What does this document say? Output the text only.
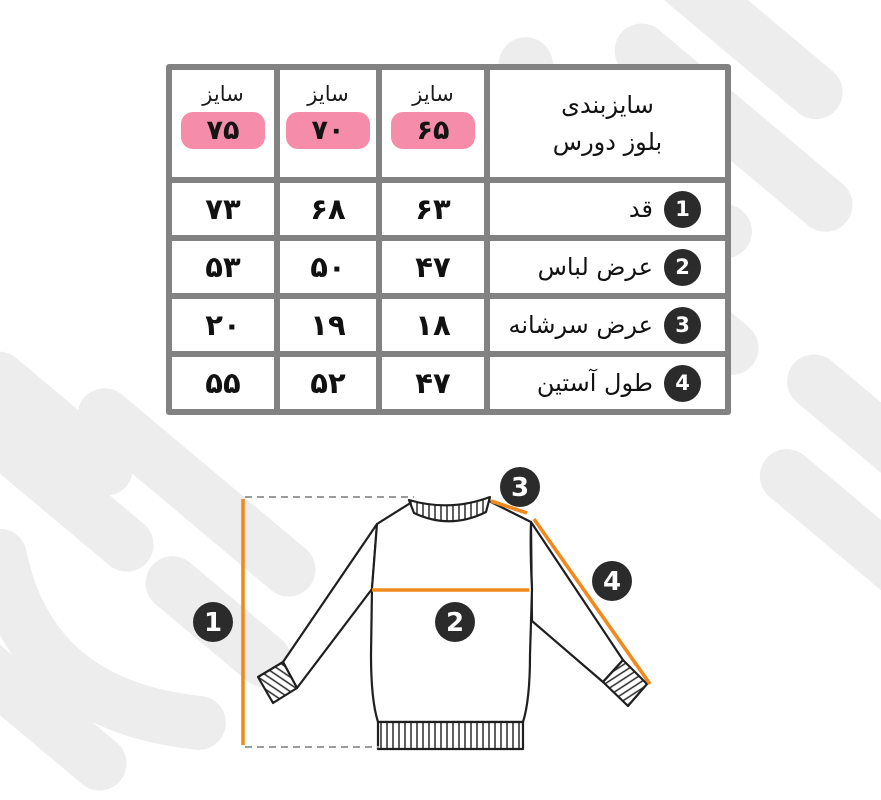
1	2
3
4
سایزبندی
بلوز دورس
سایز
۶۵
سایز
۷۰
سایز
۷۵
1
قد
۶۳
۶۸
۷۳
2
عرض لباس
۴۷
۵۰
۵۳
3
عرض سرشانه
۱۸
۱۹
۲۰
4
طول آستین
۴۷
۵۲
۵۵
